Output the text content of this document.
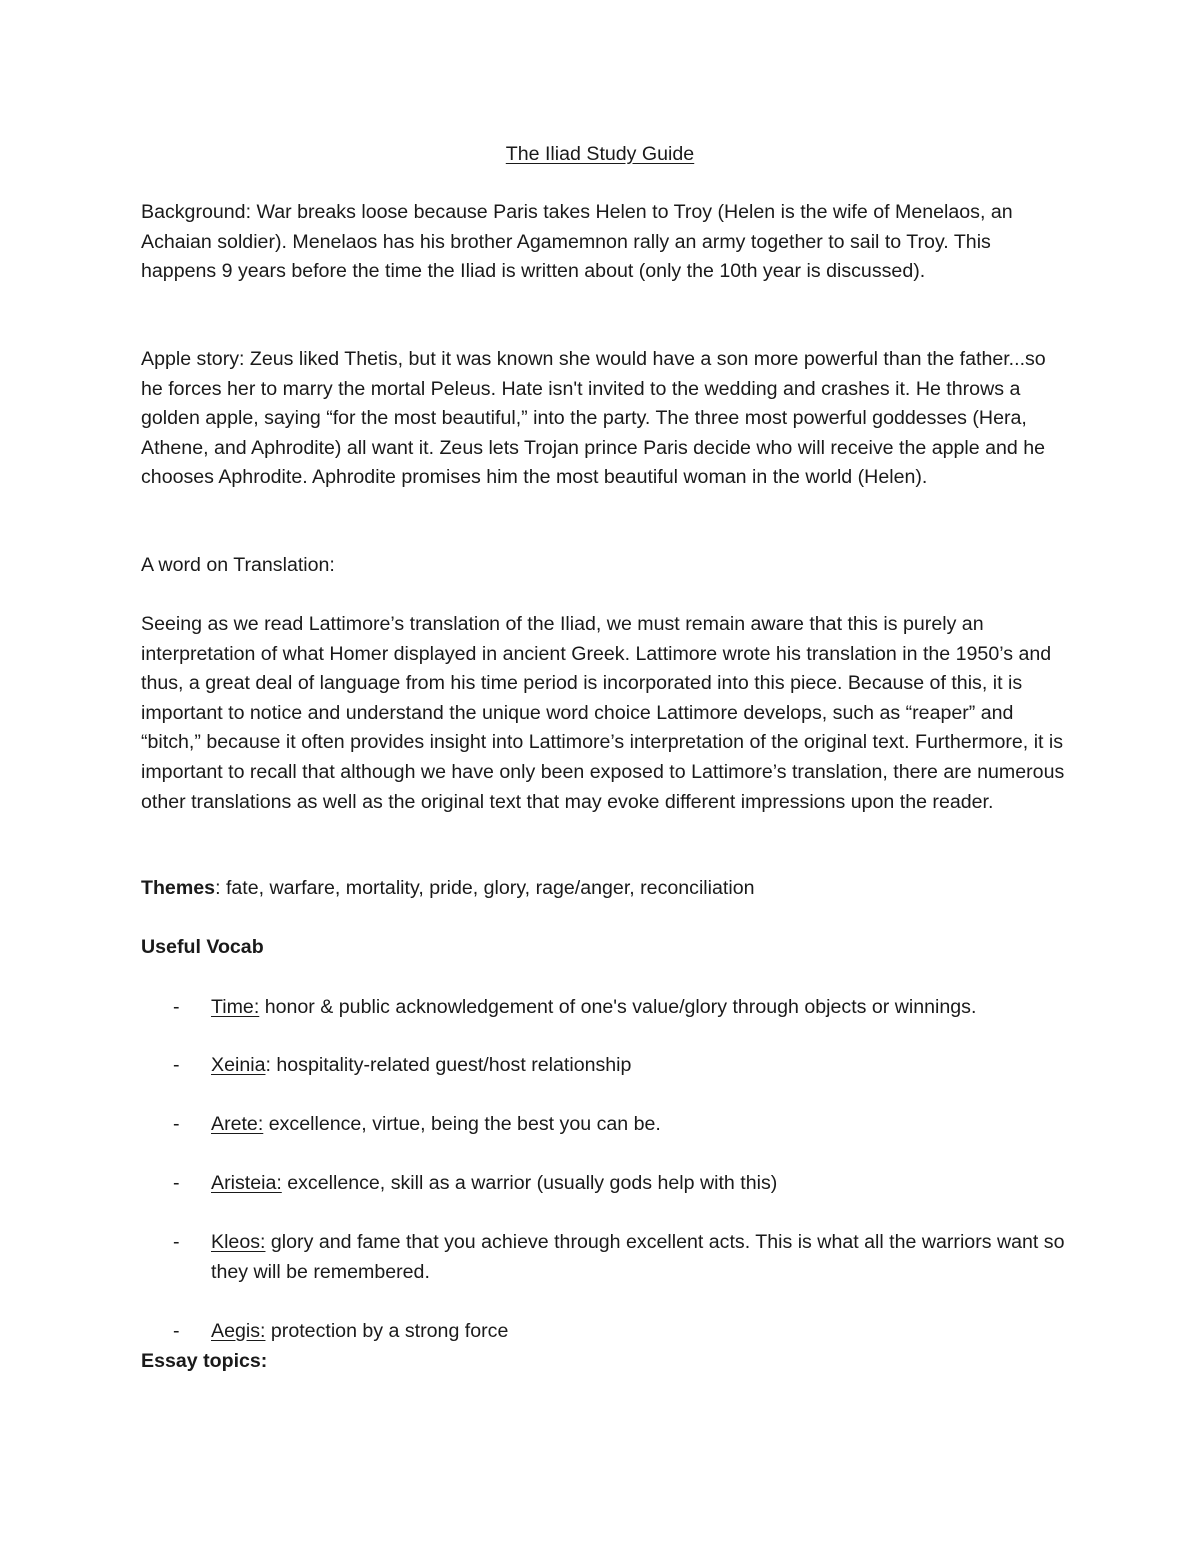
The Iliad Study Guide

Background: War breaks loose because Paris takes Helen to Troy (Helen is the wife of Menelaos, an Achaian soldier). Menelaos has his brother Agamemnon rally an army together to sail to Troy. This happens 9 years before the time the Iliad is written about (only the 10th year is discussed).

Apple story: Zeus liked Thetis, but it was known she would have a son more powerful than the father...so he forces her to marry the mortal Peleus. Hate isn't invited to the wedding and crashes it. He throws a golden apple, saying “for the most beautiful,” into the party. The three most powerful goddesses (Hera, Athene, and Aphrodite) all want it. Zeus lets Trojan prince Paris decide who will receive the apple and he chooses Aphrodite. Aphrodite promises him the most beautiful woman in the world (Helen).

A word on Translation:

Seeing as we read Lattimore’s translation of the Iliad, we must remain aware that this is purely an interpretation of what Homer displayed in ancient Greek. Lattimore wrote his translation in the 1950’s and thus, a great deal of language from his time period is incorporated into this piece. Because of this, it is important to notice and understand the unique word choice Lattimore develops, such as “reaper” and “bitch,” because it often provides insight into Lattimore’s interpretation of the original text. Furthermore, it is important to recall that although we have only been exposed to Lattimore’s translation, there are numerous other translations as well as the original text that may evoke different impressions upon the reader.

Themes: fate, warfare, mortality, pride, glory, rage/anger, reconciliation

Useful Vocab

- Time: honor & public acknowledgement of one's value/glory through objects or winnings.
- Xeinia: hospitality-related guest/host relationship
- Arete: excellence, virtue, being the best you can be.
- Aristeia: excellence, skill as a warrior (usually gods help with this)
- Kleos: glory and fame that you achieve through excellent acts. This is what all the warriors want so they will be remembered.
- Aegis: protection by a strong force

Essay topics:
